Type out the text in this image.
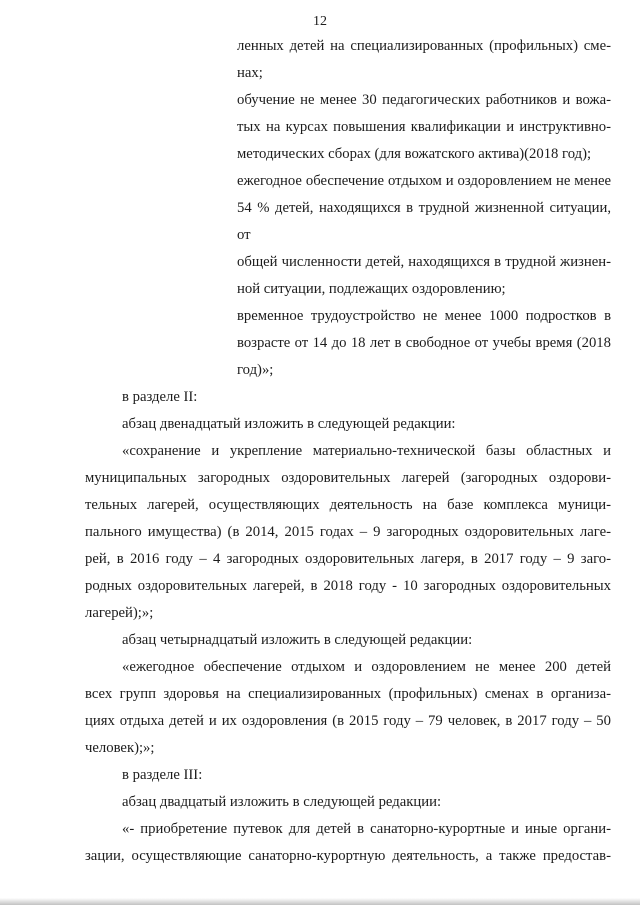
12
ленных детей на специализированных (профильных) сме-
нах;
обучение не менее 30 педагогических работников и вожа-
тых на курсах повышения квалификации и инструктивно-
методических сборах (для вожатского актива)(2018 год);
ежегодное обеспечение отдыхом и оздоровлением не менее
54 % детей, находящихся в трудной жизненной ситуации, от
общей численности детей, находящихся в трудной жизнен-
ной ситуации, подлежащих оздоровлению;
временное трудоустройство не менее 1000 подростков в
возрасте от 14 до 18 лет в свободное от учебы время (2018
год)»;
в разделе II:
абзац двенадцатый изложить в следующей редакции:
«сохранение и укрепление материально-технической базы областных и
муниципальных загородных оздоровительных лагерей (загородных оздорови-
тельных лагерей, осуществляющих деятельность на базе комплекса муници-
пального имущества) (в 2014, 2015 годах – 9 загородных оздоровительных лаге-
рей, в 2016 году – 4 загородных оздоровительных лагеря, в 2017 году – 9 заго-
родных оздоровительных лагерей, в 2018 году - 10 загородных оздоровительных
лагерей);»;
абзац четырнадцатый изложить в следующей редакции:
«ежегодное обеспечение отдыхом и оздоровлением не менее 200 детей
всех групп здоровья на специализированных (профильных) сменах в организа-
циях отдыха детей и их оздоровления (в 2015 году – 79 человек, в 2017 году – 50
человек);»;
в разделе III:
абзац двадцатый изложить в следующей редакции:
«- приобретение путевок для детей в санаторно-курортные и иные органи-
зации, осуществляющие санаторно-курортную деятельность, а также предостав-
